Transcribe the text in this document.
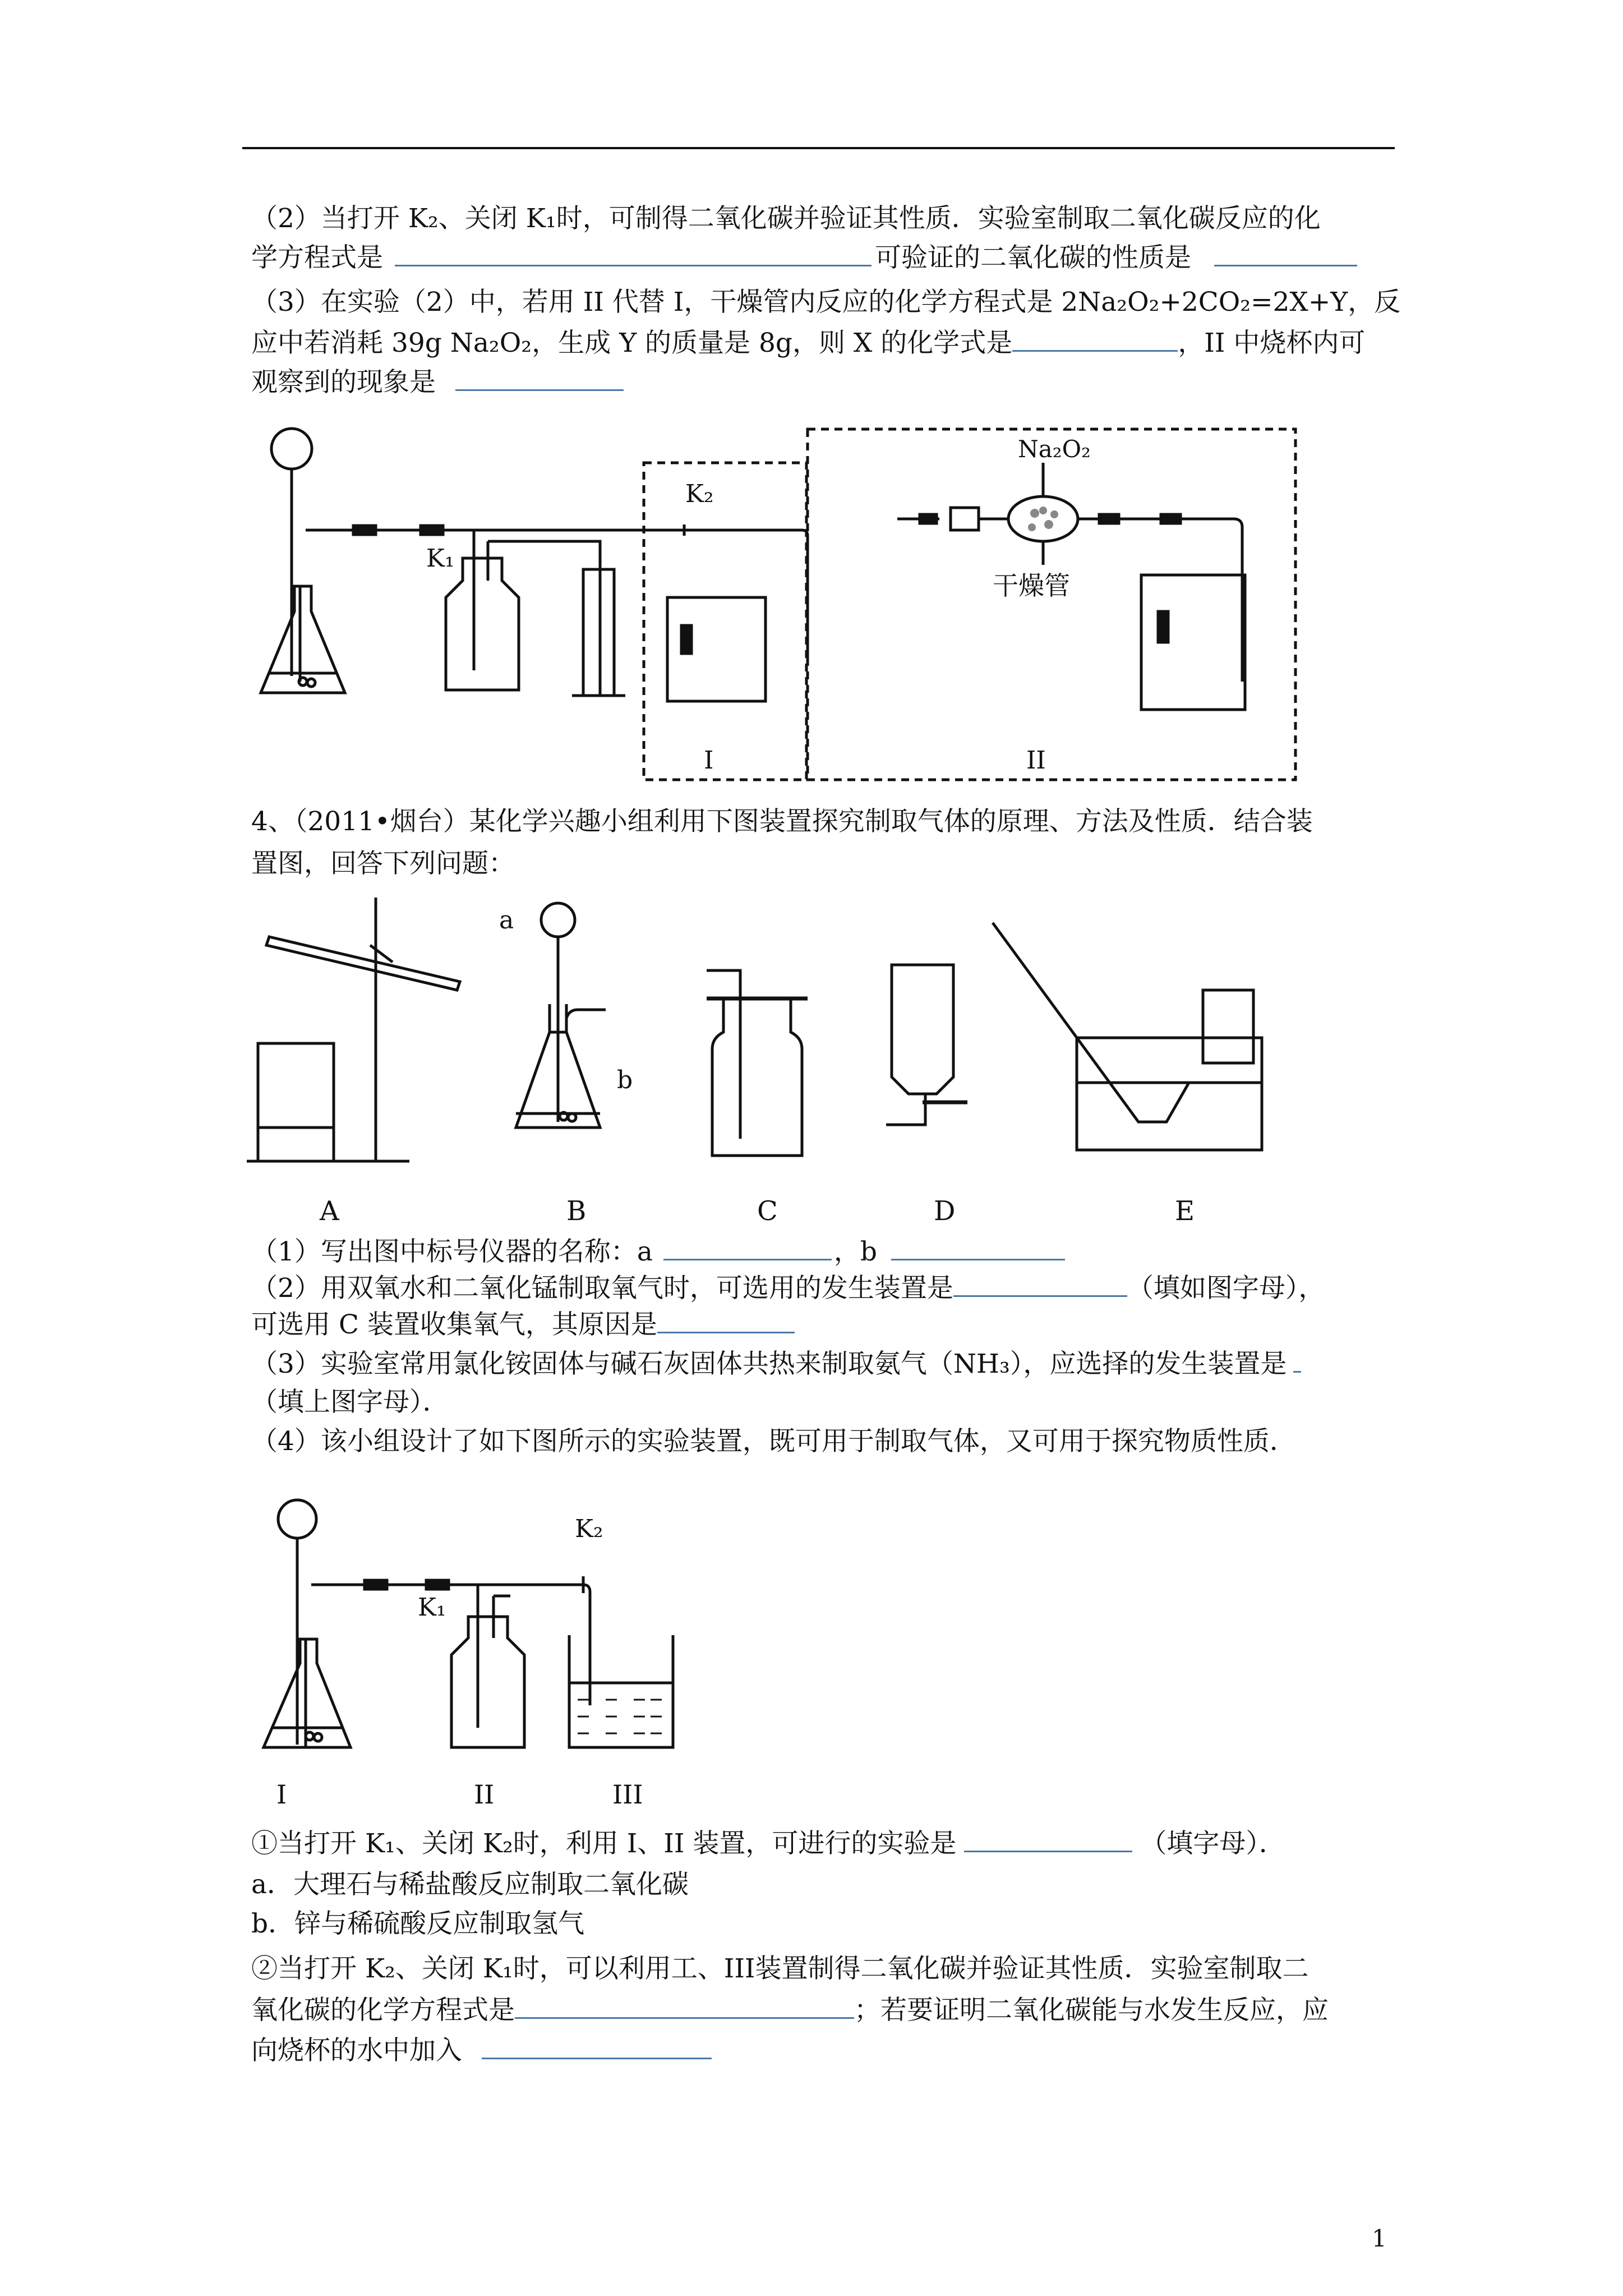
（2）当打开 K₂、关闭 K₁时，可制得二氧化碳并验证其性质．实验室制取二氧化碳反应的化
学方程式是	可验证的二氧化碳的性质是
（3）在实验（2）中，若用 II 代替 I，干燥管内反应的化学方程式是 2Na₂O₂+2CO₂=2X+Y，反
应中若消耗 39g Na₂O₂，生成 Y 的质量是 8g，则 X 的化学式是	，II 中烧杯内可
观察到的现象是
K₁
K₂
Na₂O₂
干燥管
I	II
4、（2011•烟台）某化学兴趣小组利用下图装置探究制取气体的原理、方法及性质．结合装
置图，回答下列问题：
a
b
A	B	C	D	E
（1）写出图中标号仪器的名称：a	，b
（2）用双氧水和二氧化锰制取氧气时，可选用的发生装置是	（填如图字母），
可选用 C 装置收集氧气，其原因是
（3）实验室常用氯化铵固体与碱石灰固体共热来制取氨气（NH₃），应选择的发生装置是
（填上图字母）．
（4）该小组设计了如下图所示的实验装置，既可用于制取气体，又可用于探究物质性质．
K₁
K₂
I	II	III
①当打开 K₁、关闭 K₂时，利用 I、II 装置，可进行的实验是	（填字母）．
a．大理石与稀盐酸反应制取二氧化碳
b．锌与稀硫酸反应制取氢气
②当打开 K₂、关闭 K₁时，可以利用工、III装置制得二氧化碳并验证其性质．实验室制取二
氧化碳的化学方程式是	；若要证明二氧化碳能与水发生反应，应
向烧杯的水中加入
1
